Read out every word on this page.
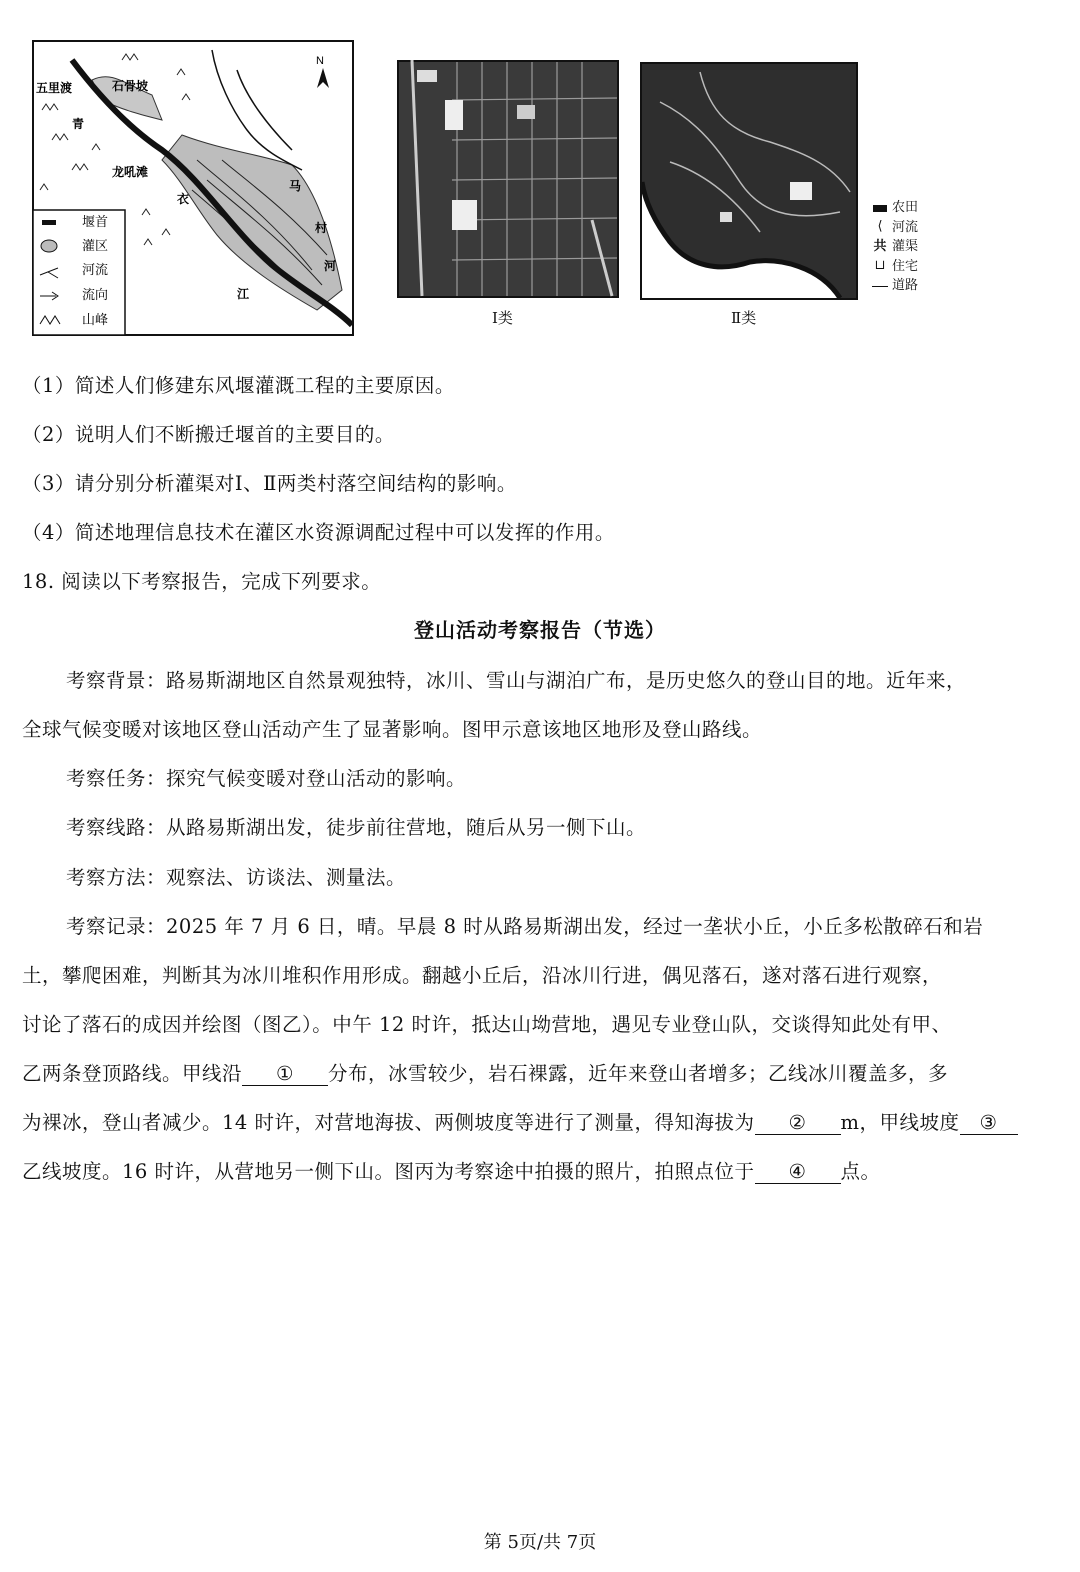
N
五里渡	石骨坡
龙吼滩
青
衣
江
马
村
河
堰首
灌区
河流
流向
山峰	Ⅰ类	Ⅱ类
农田
⟨ 河流
共 灌渠
⊔ 住宅
道路
（1）简述人们修建东风堰灌溉工程的主要原因。
（2）说明人们不断搬迁堰首的主要目的。
（3）请分别分析灌渠对Ⅰ、Ⅱ两类村落空间结构的影响。
（4）简述地理信息技术在灌区水资源调配过程中可以发挥的作用。
18. 阅读以下考察报告，完成下列要求。
登山活动考察报告（节选）
考察背景：路易斯湖地区自然景观独特，冰川、雪山与湖泊广布，是历史悠久的登山目的地。近年来，
全球气候变暖对该地区登山活动产生了显著影响。图甲示意该地区地形及登山路线。
考察任务：探究气候变暖对登山活动的影响。
考察线路：从路易斯湖出发，徒步前往营地，随后从另一侧下山。
考察方法：观察法、访谈法、测量法。
考察记录：2025 年 7 月 6 日，晴。早晨 8 时从路易斯湖出发，经过一垄状小丘，小丘多松散碎石和岩
土，攀爬困难，判断其为冰川堆积作用形成。翻越小丘后，沿冰川行进，偶见落石，遂对落石进行观察，
讨论了落石的成因并绘图（图乙）。中午 12 时许，抵达山坳营地，遇见专业登山队，交谈得知此处有甲、
乙两条登顶路线。甲线沿 ① 分布，冰雪较少，岩石裸露，近年来登山者增多；乙线冰川覆盖多，多
为裸冰，登山者减少。14 时许，对营地海拔、两侧坡度等进行了测量，得知海拔为 ② m，甲线坡度 ③
乙线坡度。16 时许，从营地另一侧下山。图丙为考察途中拍摄的照片，拍照点位于 ④ 点。
第 5页/共 7页
